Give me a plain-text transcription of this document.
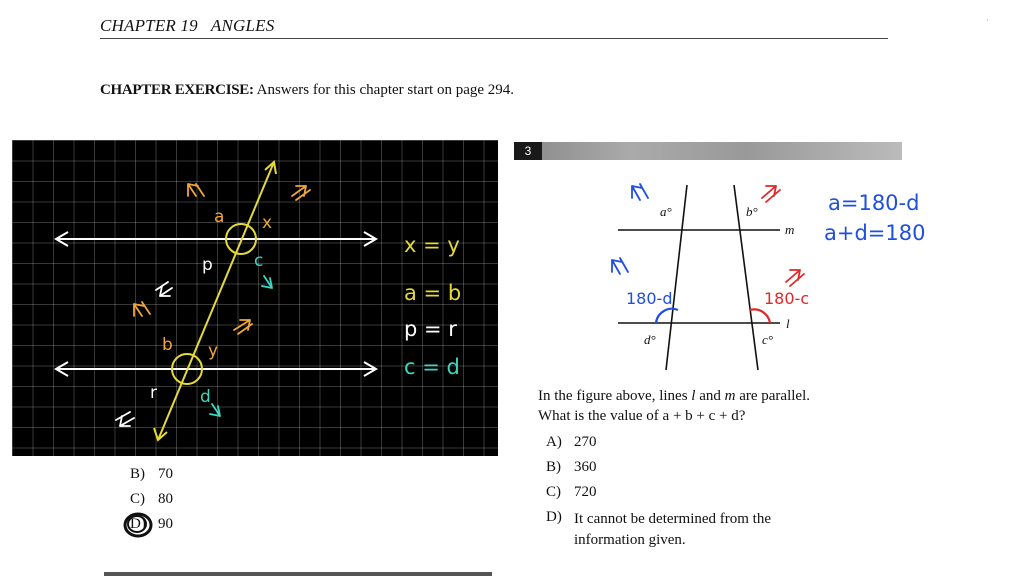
CHAPTER 19   ANGLES	·
CHAPTER EXERCISE: Answers for this chapter start on page 294.
a x
p c
b y
r	d
x = y
a = b
p = r
c = d
B) 70
C) 80
D) 90
3
a°	b°
m
l
d°	c°
180-d	180-c
a=180-d
a+d=180
In the figure above, lines l and m are parallel.
What is the value of a + b + c + d?
A) 270
B) 360
C) 720
D) It cannot be determined from the information given.
